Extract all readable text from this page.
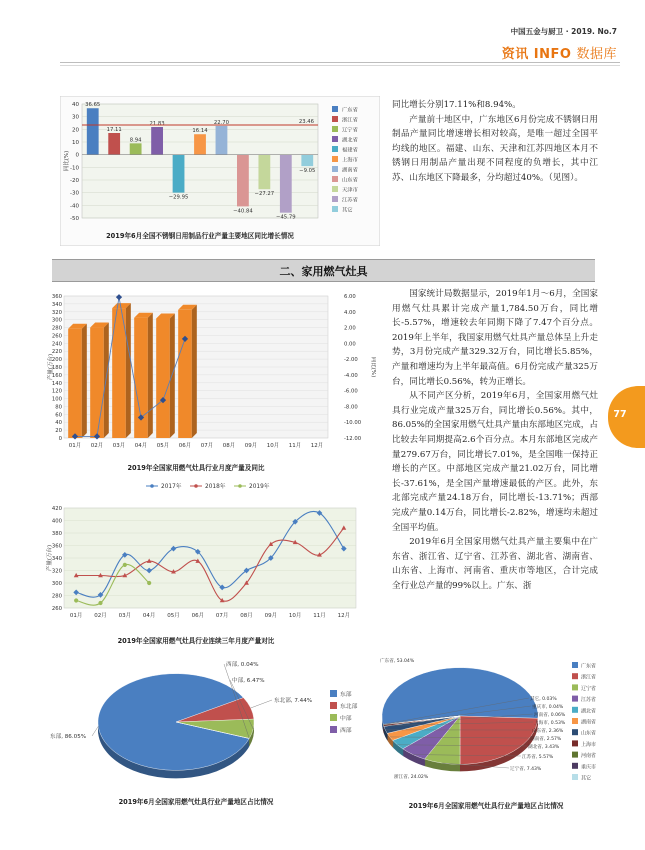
中国五金与厨卫 · 2019. No.7
资讯 INFO 数据库

同比增长分别17.11%和8.94%。

产量前十地区中，广东地区6月份完成不锈钢日用制品产量同比增速增长相对较高，是唯一超过全国平均线的地区。福建、山东、天津和江苏四地区本月不锈钢日用制品产量出现不同程度的负增长，其中江苏、山东地区下降最多，分均超过40%。（见图）。

40
30
20
10
0
-10
-20
-30
-40
-50
同比(%)
36.65
17.11
8.94
21.83
−29.95
16.14
22.70
−40.84
−27.27
−45.79
−9.05
23.46
广东省
浙江省
辽宁省
湖北省
福建省
上海市
湖南省
山东省
天津市
江苏省
其它
2019年6月全国不锈钢日用制品行业产量主要地区同比增长情况
二、家用燃气灶具
360
340
320
300
280
260
240
220
200
180
160
140
120
100
80
60
40
20
0
6.00
4.00
2.00
0.00
-2.00
-4.00
-6.00
-8.00
-10.00
-12.00
产量(万台)	同比(%)
01月 02月 03月 04月 05月 06月 07月 08月 09月 10月 11月 12月
2019年全国家用燃气灶具行业月度产量及同比
2017年	2018年	2019年
420
400
380
360
340
320
300
280
260
产量(万台)
01月 02月 03月 04月 05月 06月 07月 08月 09月 10月 11月 12月
2019年全国家用燃气灶具行业连续三年月度产量对比
东部, 86.05%
东北部, 7.44%
中部, 6.47%
西部, 0.04%
东部
东北部
中部
西部
2019年6月全国家用燃气灶具行业产量地区占比情况
广东省, 53.04%
浙江省, 24.02%
辽宁省, 7.43%
江苏省, 5.57%
湖北省, 3.43%
湖南省, 2.57%
山东省, 2.36%
上海市, 0.53%
河南省, 0.06%
重庆市, 0.04%
其它, 0.03%
广东省
浙江省
辽宁省
江苏省
湖北省
湖南省
山东省
上海市
河南省
重庆市
其它
2019年6月全国家用燃气灶具行业产量地区占比情况

国家统计局数据显示，2019年1月～6月，全国家用燃气灶具累计完成产量1,784.50万台，同比增长-5.57%，增速较去年同期下降了7.47个百分点。2019年上半年，我国家用燃气灶具产量总体呈上升走势，3月份完成产量329.32万台，同比增长5.85%，产量和增速均为上半年最高值。6月份完成产量325万台，同比增长0.56%，转为正增长。

从不同产区分析，2019年6月，全国家用燃气灶具行业完成产量325万台，同比增长0.56%。其中，86.05%的全国家用燃气灶具产量由东部地区完成，占比较去年同期提高2.6个百分点。本月东部地区完成产量279.67万台，同比增长7.01%，是全国唯一保持正增长的产区。中部地区完成产量21.02万台，同比增长-37.61%，是全国产量增速最低的产区。此外，东北部完成产量24.18万台，同比增长-13.71%；西部完成产量0.14万台，同比增长-2.82%，增速均未超过全国平均值。

2019年6月全国家用燃气灶具产量主要集中在广东省、浙江省、辽宁省、江苏省、湖北省、湖南省、山东省、上海市、河南省、重庆市等地区，合计完成全行业总产量的99%以上。广东、浙

77
